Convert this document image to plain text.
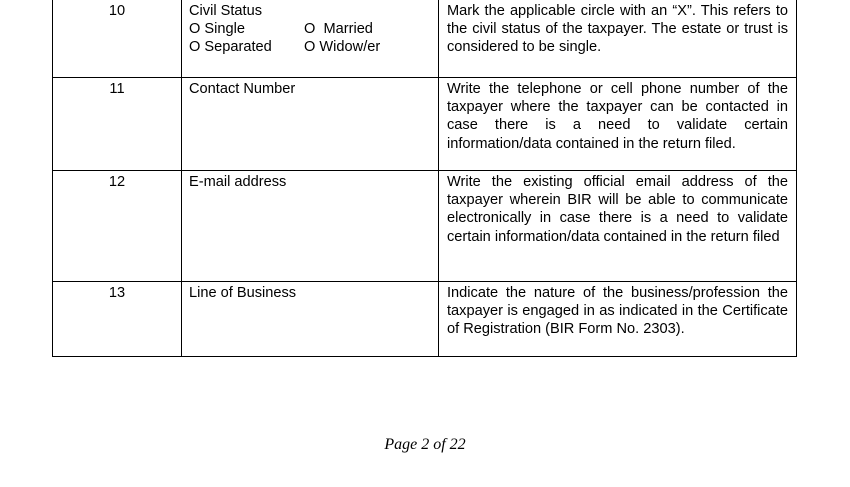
10	Civil Status
O Single O  Married
O Separated O Widow/er	Mark the applicable circle with an “X”. This refers to the civil status of the taxpayer. The estate or trust is considered to be single.
11	Contact Number	Write the telephone or cell phone number of the taxpayer where the taxpayer can be contacted in case there is a need to validate certain information/data contained in the return filed.
12	E-mail address	Write the existing official email address of the taxpayer wherein BIR will be able to communicate electronically in case there is a need to validate certain information/data contained in the return filed
13	Line of Business	Indicate the nature of the business/profession the taxpayer is engaged in as indicated in the Certificate of Registration (BIR Form No. 2303).
Page 2 of 22
